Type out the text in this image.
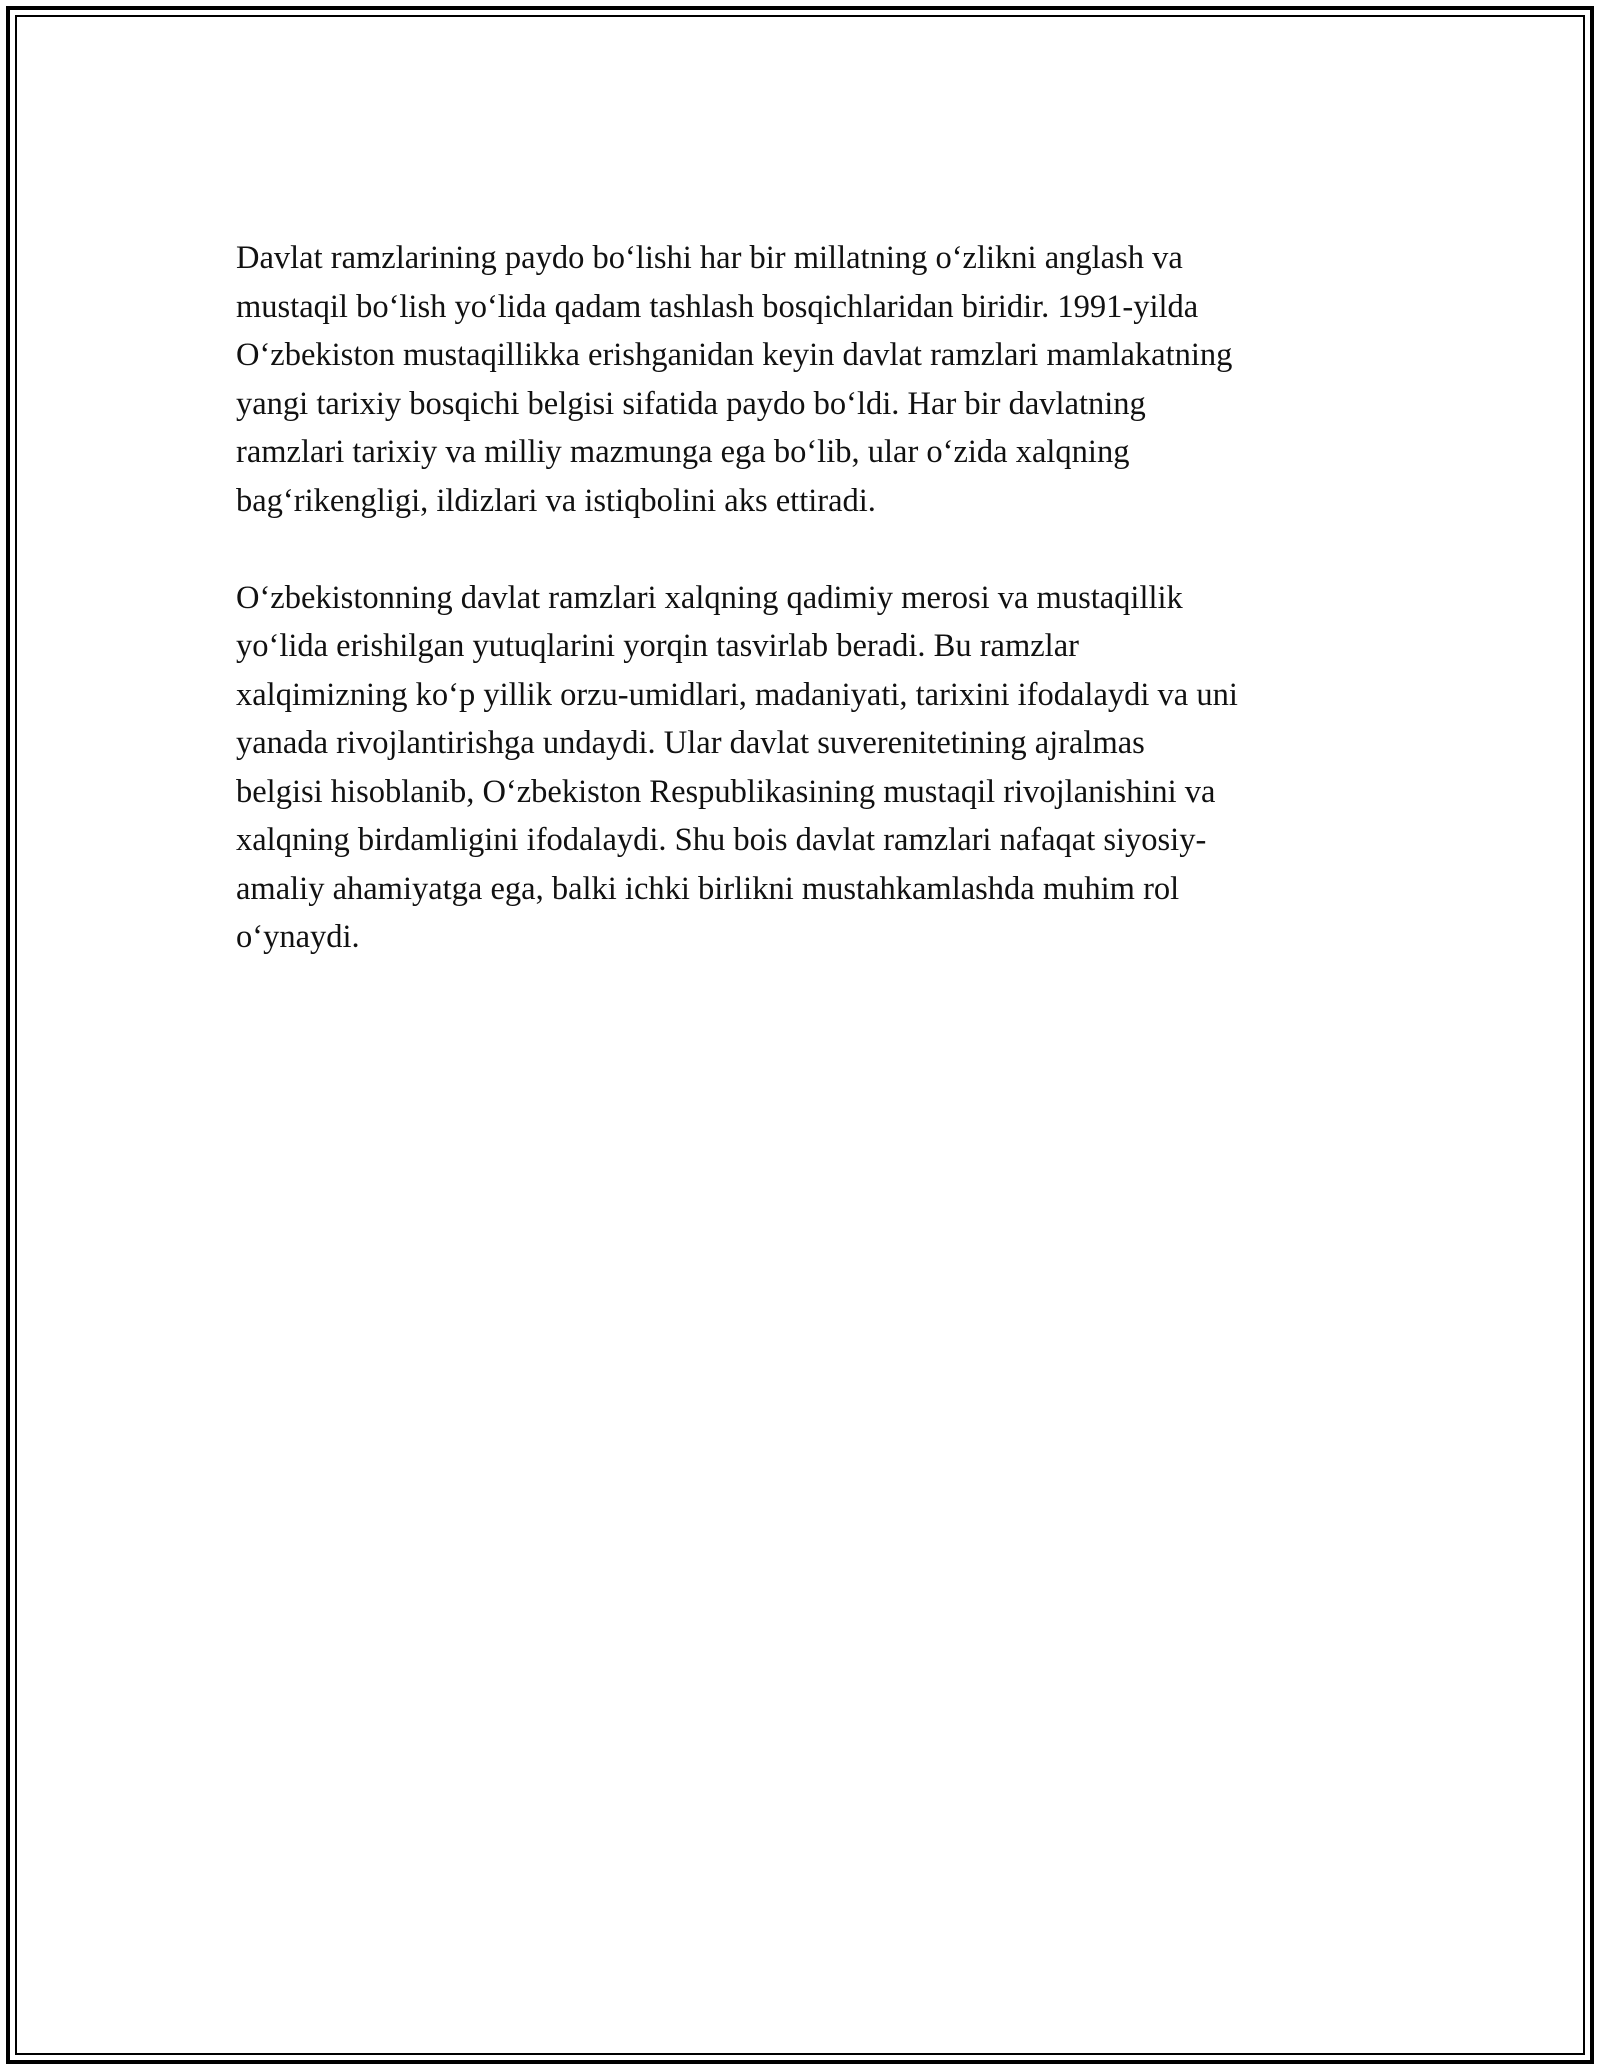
Davlat ramzlarining paydo boʻlishi har bir millatning oʻzlikni anglash va
mustaqil boʻlish yoʻlida qadam tashlash bosqichlaridan biridir. 1991-yilda
Oʻzbekiston mustaqillikka erishganidan keyin davlat ramzlari mamlakatning
yangi tarixiy bosqichi belgisi sifatida paydo boʻldi. Har bir davlatning
ramzlari tarixiy va milliy mazmunga ega boʻlib, ular oʻzida xalqning
bagʻrikengligi, ildizlari va istiqbolini aks ettiradi.

Oʻzbekistonning davlat ramzlari xalqning qadimiy merosi va mustaqillik
yoʻlida erishilgan yutuqlarini yorqin tasvirlab beradi. Bu ramzlar
xalqimizning koʻp yillik orzu-umidlari, madaniyati, tarixini ifodalaydi va uni
yanada rivojlantirishga undaydi. Ular davlat suverenitetining ajralmas
belgisi hisoblanib, Oʻzbekiston Respublikasining mustaqil rivojlanishini va
xalqning birdamligini ifodalaydi. Shu bois davlat ramzlari nafaqat siyosiy-
amaliy ahamiyatga ega, balki ichki birlikni mustahkamlashda muhim rol
oʻynaydi.
